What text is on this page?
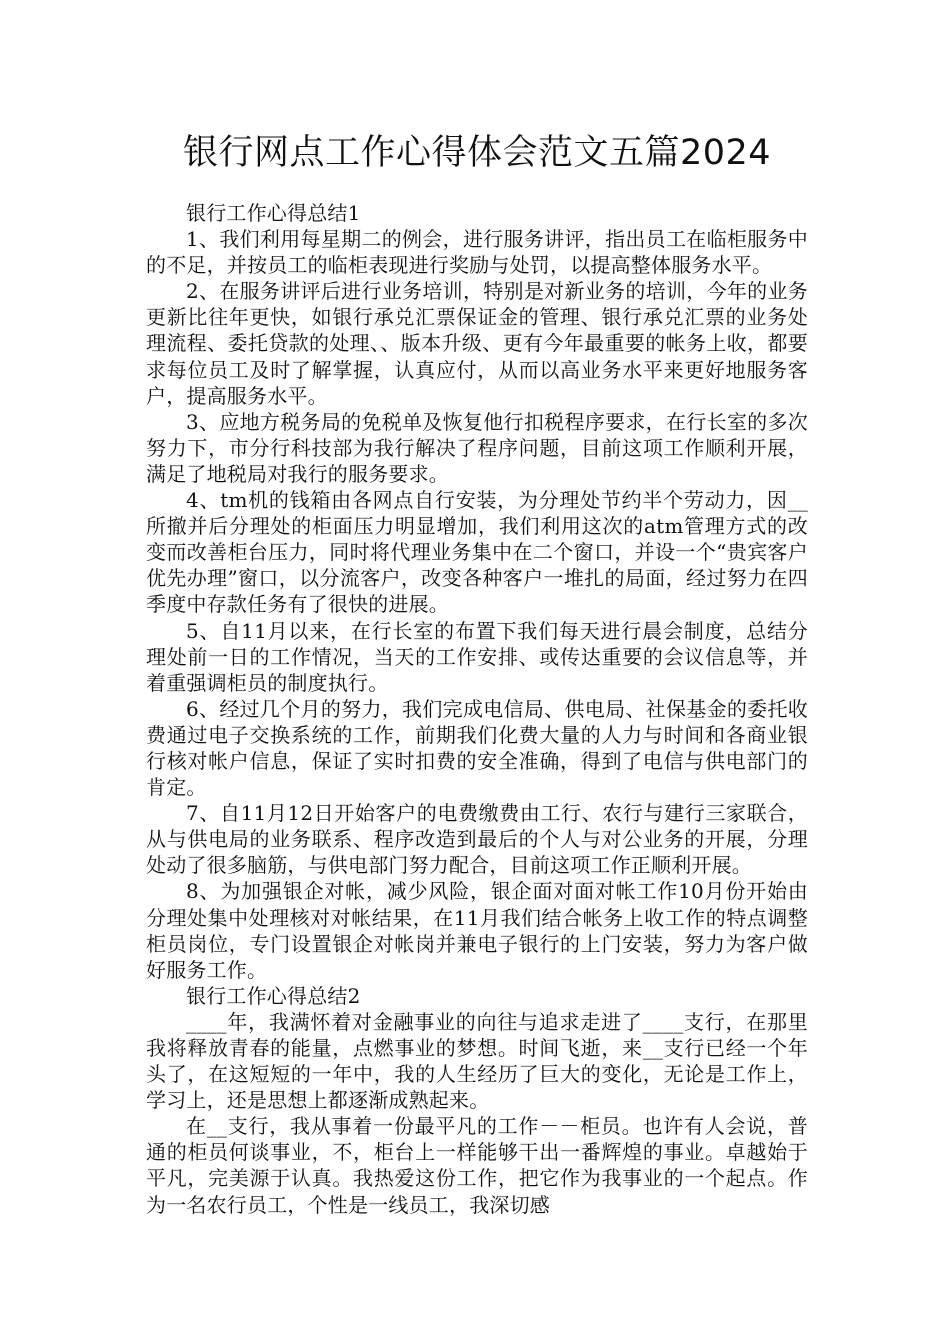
银行网点工作心得体会范文五篇2024

银行工作心得总结1

1、我们利用每星期二的例会，进行服务讲评，指出员工在临柜服务中的不足，并按员工的临柜表现进行奖励与处罚，以提高整体服务水平。

2、在服务讲评后进行业务培训，特别是对新业务的培训，今年的业务更新比往年更快，如银行承兑汇票保证金的管理、银行承兑汇票的业务处理流程、委托贷款的处理、、版本升级、更有今年最重要的帐务上收，都要求每位员工及时了解掌握，认真应付，从而以高业务水平来更好地服务客户，提高服务水平。

3、应地方税务局的免税单及恢复他行扣税程序要求，在行长室的多次努力下，市分行科技部为我行解决了程序问题，目前这项工作顺利开展，满足了地税局对我行的服务要求。

4、tm机的钱箱由各网点自行安装，为分理处节约半个劳动力，因__所撤并后分理处的柜面压力明显增加，我们利用这次的atm管理方式的改变而改善柜台压力，同时将代理业务集中在二个窗口，并设一个“贵宾客户优先办理”窗口，以分流客户，改变各种客户一堆扎的局面，经过努力在四季度中存款任务有了很快的进展。

5、自11月以来，在行长室的布置下我们每天进行晨会制度，总结分理处前一日的工作情况，当天的工作安排、或传达重要的会议信息等，并着重强调柜员的制度执行。

6、经过几个月的努力，我们完成电信局、供电局、社保基金的委托收费通过电子交换系统的工作，前期我们化费大量的人力与时间和各商业银行核对帐户信息，保证了实时扣费的安全准确，得到了电信与供电部门的肯定。

7、自11月12日开始客户的电费缴费由工行、农行与建行三家联合，从与供电局的业务联系、程序改造到最后的个人与对公业务的开展，分理处动了很多脑筋，与供电部门努力配合，目前这项工作正顺利开展。

8、为加强银企对帐，减少风险，银企面对面对帐工作10月份开始由分理处集中处理核对对帐结果，在11月我们结合帐务上收工作的特点调整柜员岗位，专门设置银企对帐岗并兼电子银行的上门安装，努力为客户做好服务工作。

银行工作心得总结2

____年，我满怀着对金融事业的向往与追求走进了____支行，在那里我将释放青春的能量，点燃事业的梦想。时间飞逝，来__支行已经一个年头了，在这短短的一年中，我的人生经历了巨大的变化，无论是工作上，学习上，还是思想上都逐渐成熟起来。

在__支行，我从事着一份最平凡的工作－－柜员。也许有人会说，普通的柜员何谈事业，不，柜台上一样能够干出一番辉煌的事业。卓越始于平凡，完美源于认真。我热爱这份工作，把它作为我事业的一个起点。作为一名农行员工，个性是一线员工，我深切感
